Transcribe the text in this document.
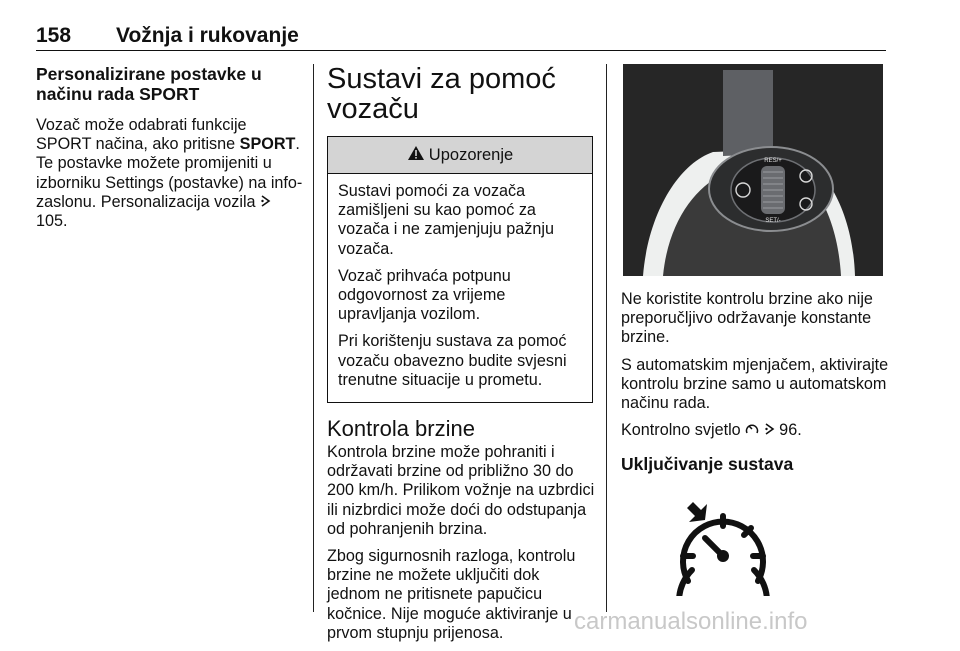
158 Vožnja i rukovanje
Personalizirane postavke u načinu rada SPORT

Vozač može odabrati funkcije SPORT načina, ako pritisne SPORT. Te postavke možete promijeniti u izborniku Settings (postavke) na info-zaslonu. Personalizacija vozila  105.

Sustavi za pomoć vozaču
Upozorenje

Sustavi pomoći za vozača zamišljeni su kao pomoć za vozača i ne zamjenjuju pažnju vozača.

Vozač prihvaća potpunu odgovornost za vrijeme upravljanja vozilom.

Pri korištenju sustava za pomoć vozaču obavezno budite svjesni trenutne situacije u prometu.

Kontrola brzine

Kontrola brzine može pohraniti i održavati brzine od približno 30 do 200 km/h. Prilikom vožnje na uzbrdici ili nizbrdici može doći do odstupanja od pohranjenih brzina.

Zbog sigurnosnih razloga, kontrolu brzine ne možete uključiti dok jednom ne pritisnete papučicu kočnice. Nije moguće aktiviranje u prvom stupnju prijenosa.

RES/+
SET/-

Ne koristite kontrolu brzine ako nije preporučljivo održavanje konstante brzine.

S automatskim mjenjačem, aktivirajte kontrolu brzine samo u automatskom načinu rada.

Kontrolno svjetlo   96.

Uključivanje sustava
carmanualsonline.info
